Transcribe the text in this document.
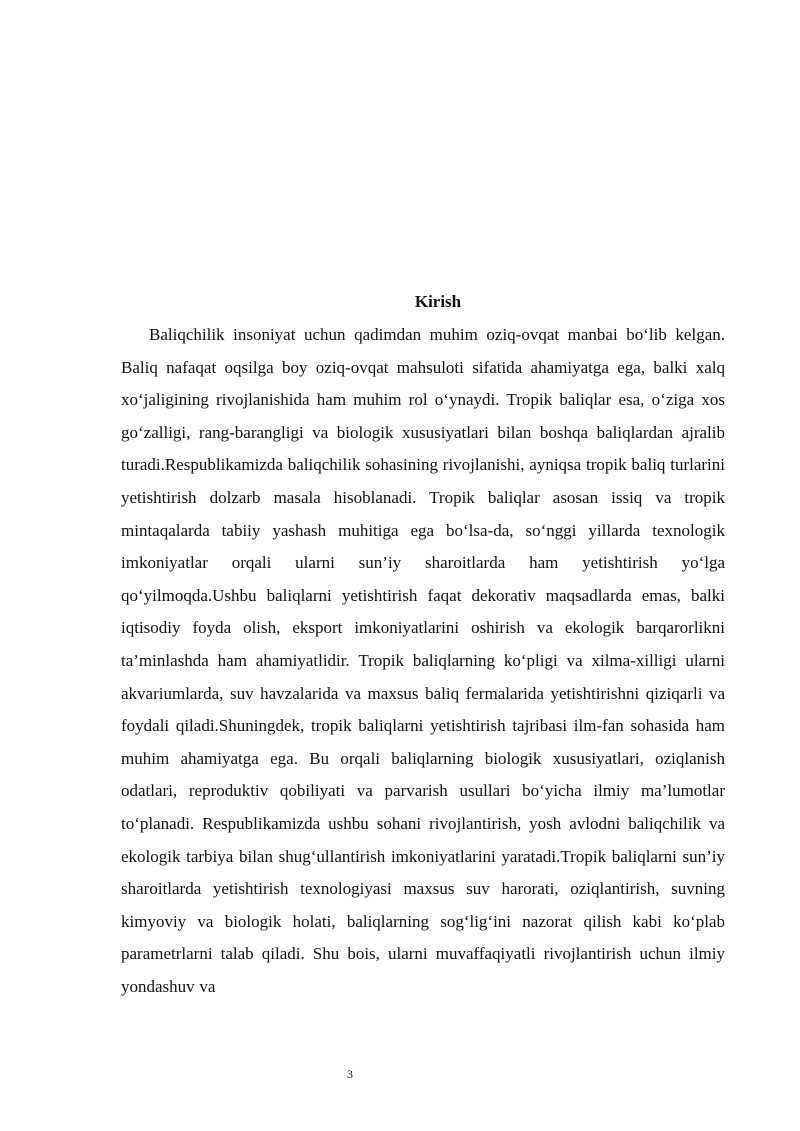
Kirish

Baliqchilik insoniyat uchun qadimdan muhim oziq-ovqat manbai bo‘lib kelgan. Baliq nafaqat oqsilga boy oziq-ovqat mahsuloti sifatida ahamiyatga ega, balki xalq xo‘jaligining rivojlanishida ham muhim rol o‘ynaydi. Tropik baliqlar esa, o‘ziga xos go‘zalligi, rang-barangligi va biologik xususiyatlari bilan boshqa baliqlardan ajralib turadi.Respublikamizda baliqchilik sohasining rivojlanishi, ayniqsa tropik baliq turlarini yetishtirish dolzarb masala hisoblanadi. Tropik baliqlar asosan issiq va tropik mintaqalarda tabiiy yashash muhitiga ega bo‘lsa-da, so‘nggi yillarda texnologik imkoniyatlar orqali ularni sun’iy sharoitlarda ham yetishtirish yo‘lga qo‘yilmoqda.Ushbu baliqlarni yetishtirish faqat dekorativ maqsadlarda emas, balki iqtisodiy foyda olish, eksport imkoniyatlarini oshirish va ekologik barqarorlikni ta’minlashda ham ahamiyatlidir. Tropik baliqlarning ko‘pligi va xilma-xilligi ularni akvariumlarda, suv havzalarida va maxsus baliq fermalarida yetishtirishni qiziqarli va foydali qiladi.Shuningdek, tropik baliqlarni yetishtirish tajribasi ilm-fan sohasida ham muhim ahamiyatga ega. Bu orqali baliqlarning biologik xususiyatlari, oziqlanish odatlari, reproduktiv qobiliyati va parvarish usullari bo‘yicha ilmiy ma’lumotlar to‘planadi. Respublikamizda ushbu sohani rivojlantirish, yosh avlodni baliqchilik va ekologik tarbiya bilan shug‘ullantirish imkoniyatlarini yaratadi.Tropik baliqlarni sun’iy sharoitlarda yetishtirish texnologiyasi maxsus suv harorati, oziqlantirish, suvning kimyoviy va biologik holati, baliqlarning sog‘lig‘ini nazorat qilish kabi ko‘plab parametrlarni talab qiladi. Shu bois, ularni muvaffaqiyatli rivojlantirish uchun ilmiy yondashuv va

3
